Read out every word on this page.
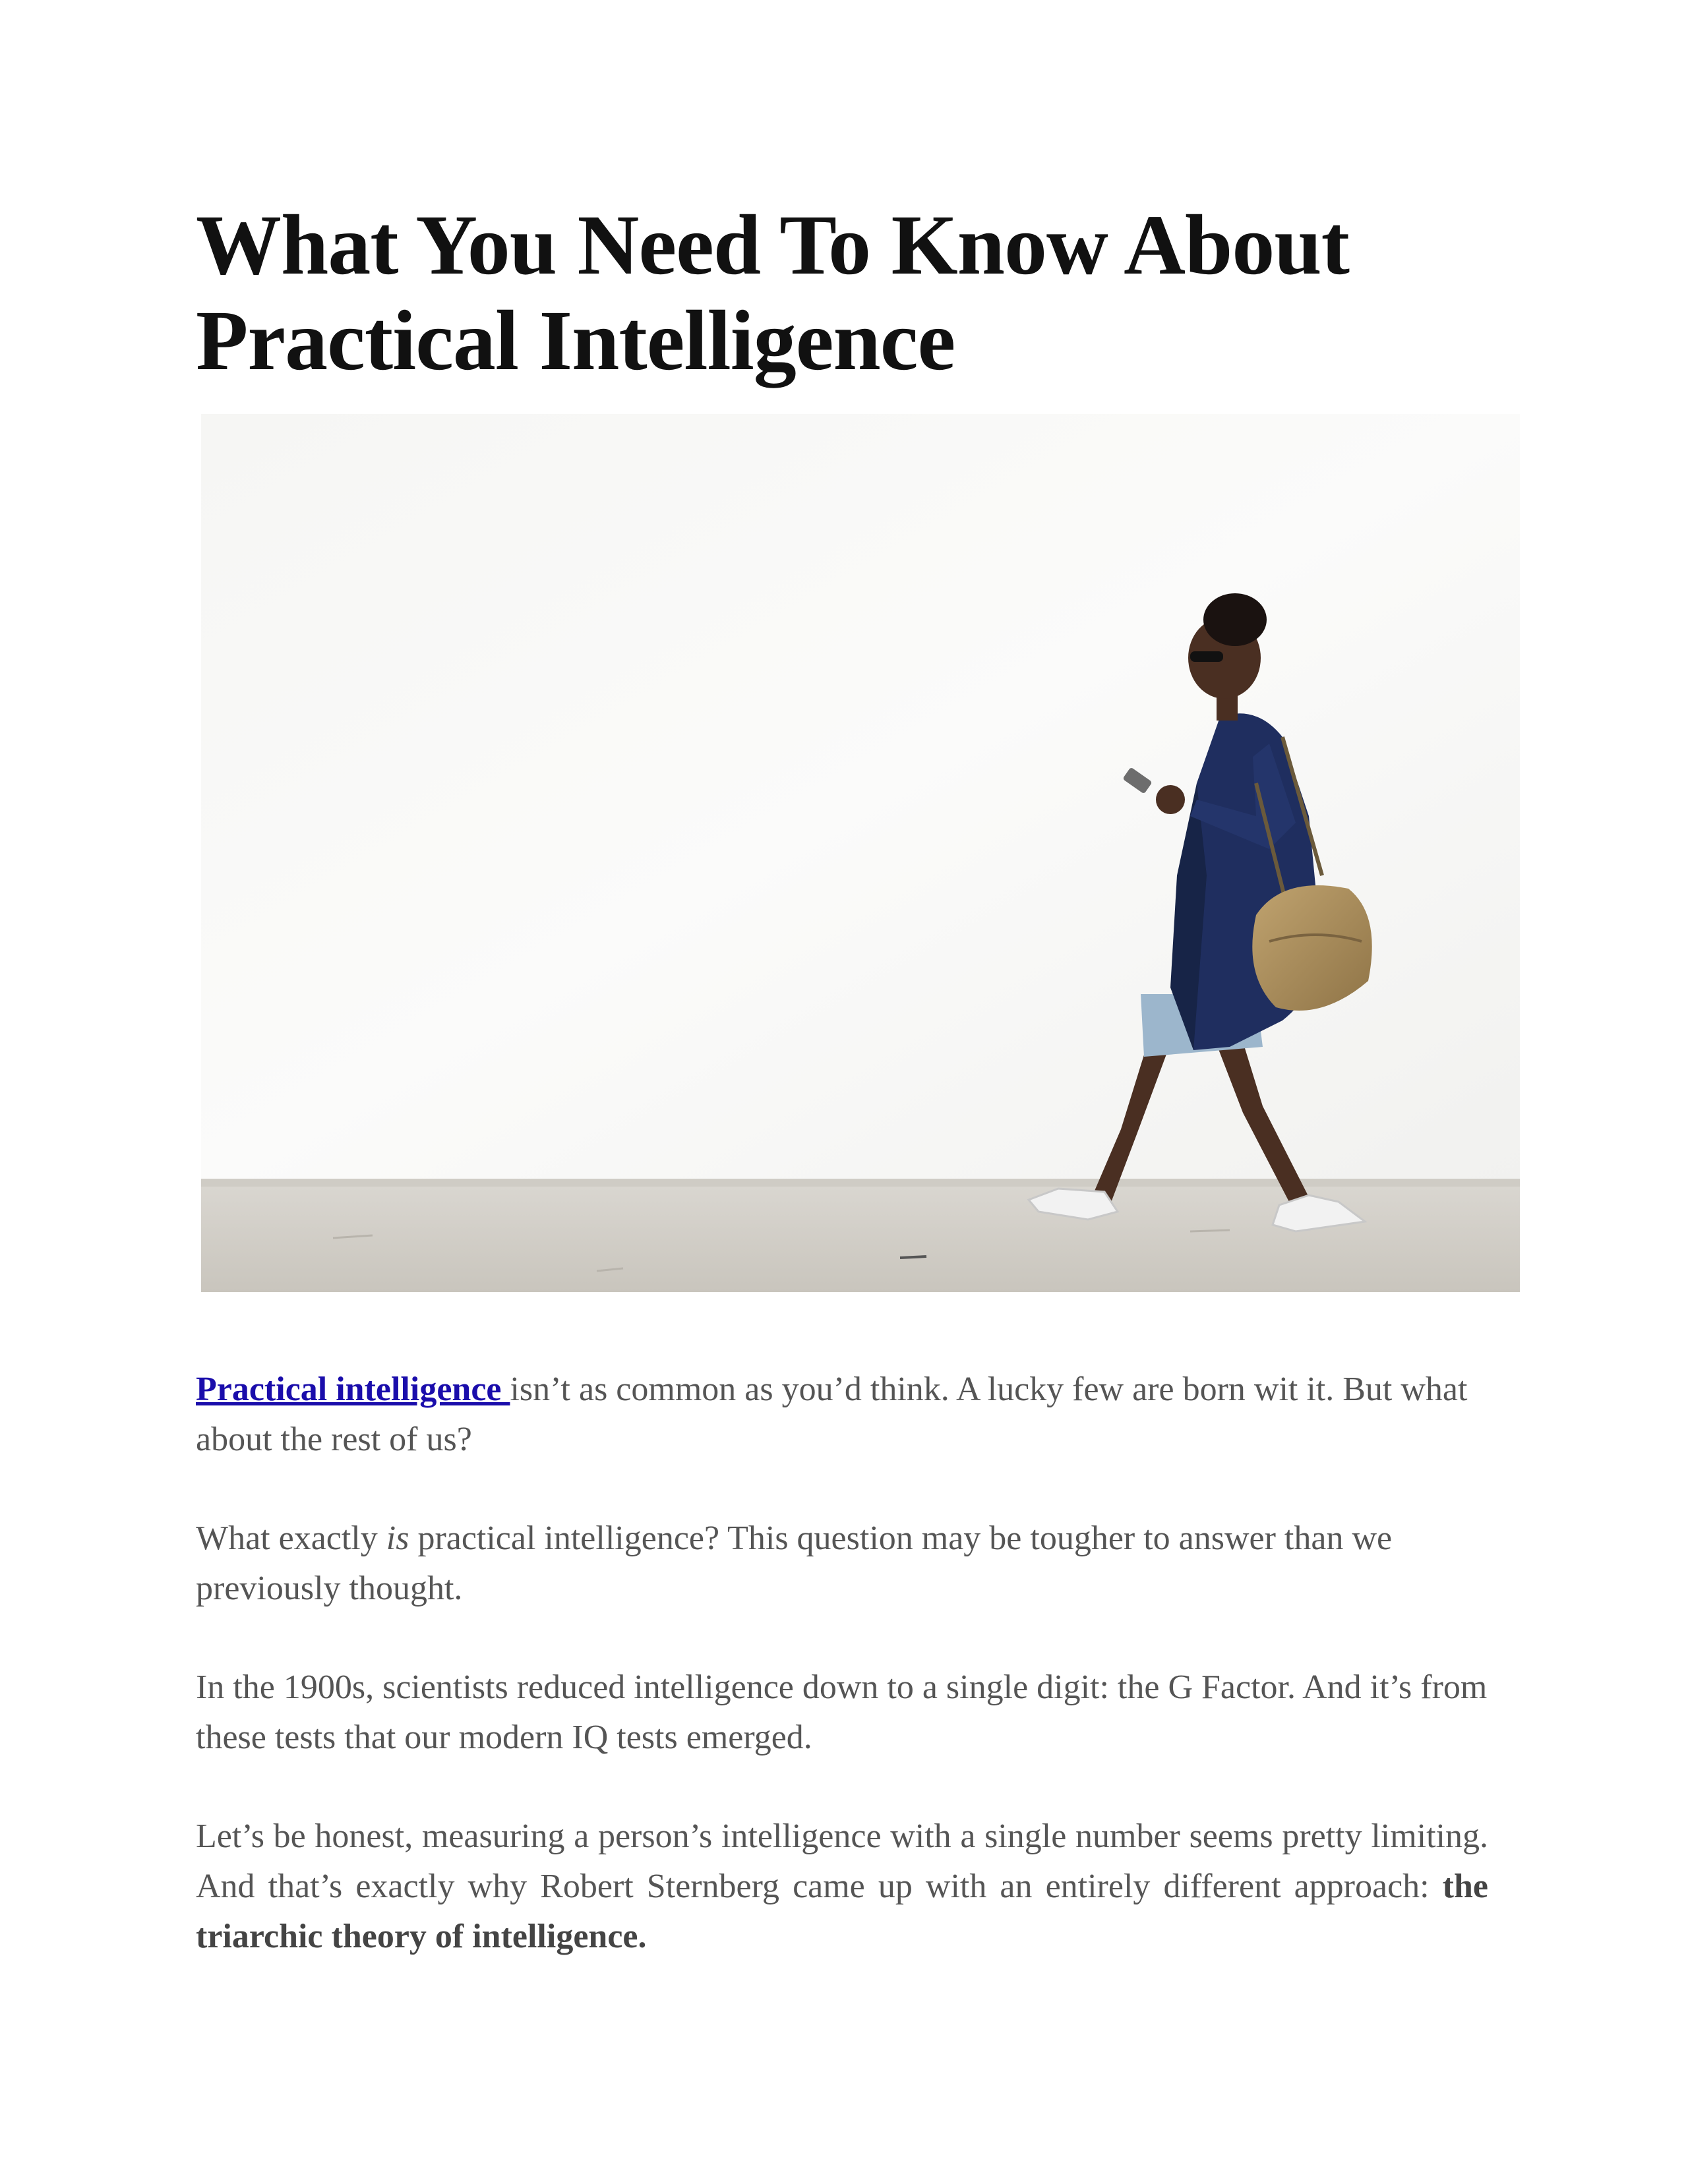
What You Need To Know About
Practical Intelligence

Practical intelligence isn’t as common as you’d think. A lucky few are born wit it. But what about the rest of us?

What exactly is practical intelligence? This question may be tougher to answer than we previously thought.

In the 1900s, scientists reduced intelligence down to a single digit: the G Factor. And it’s from these tests that our modern IQ tests emerged.

Let’s be honest, measuring a person’s intelligence with a single number seems pretty limiting. And that’s exactly why Robert Sternberg came up with an entirely different approach: the triarchic theory of intelligence.
